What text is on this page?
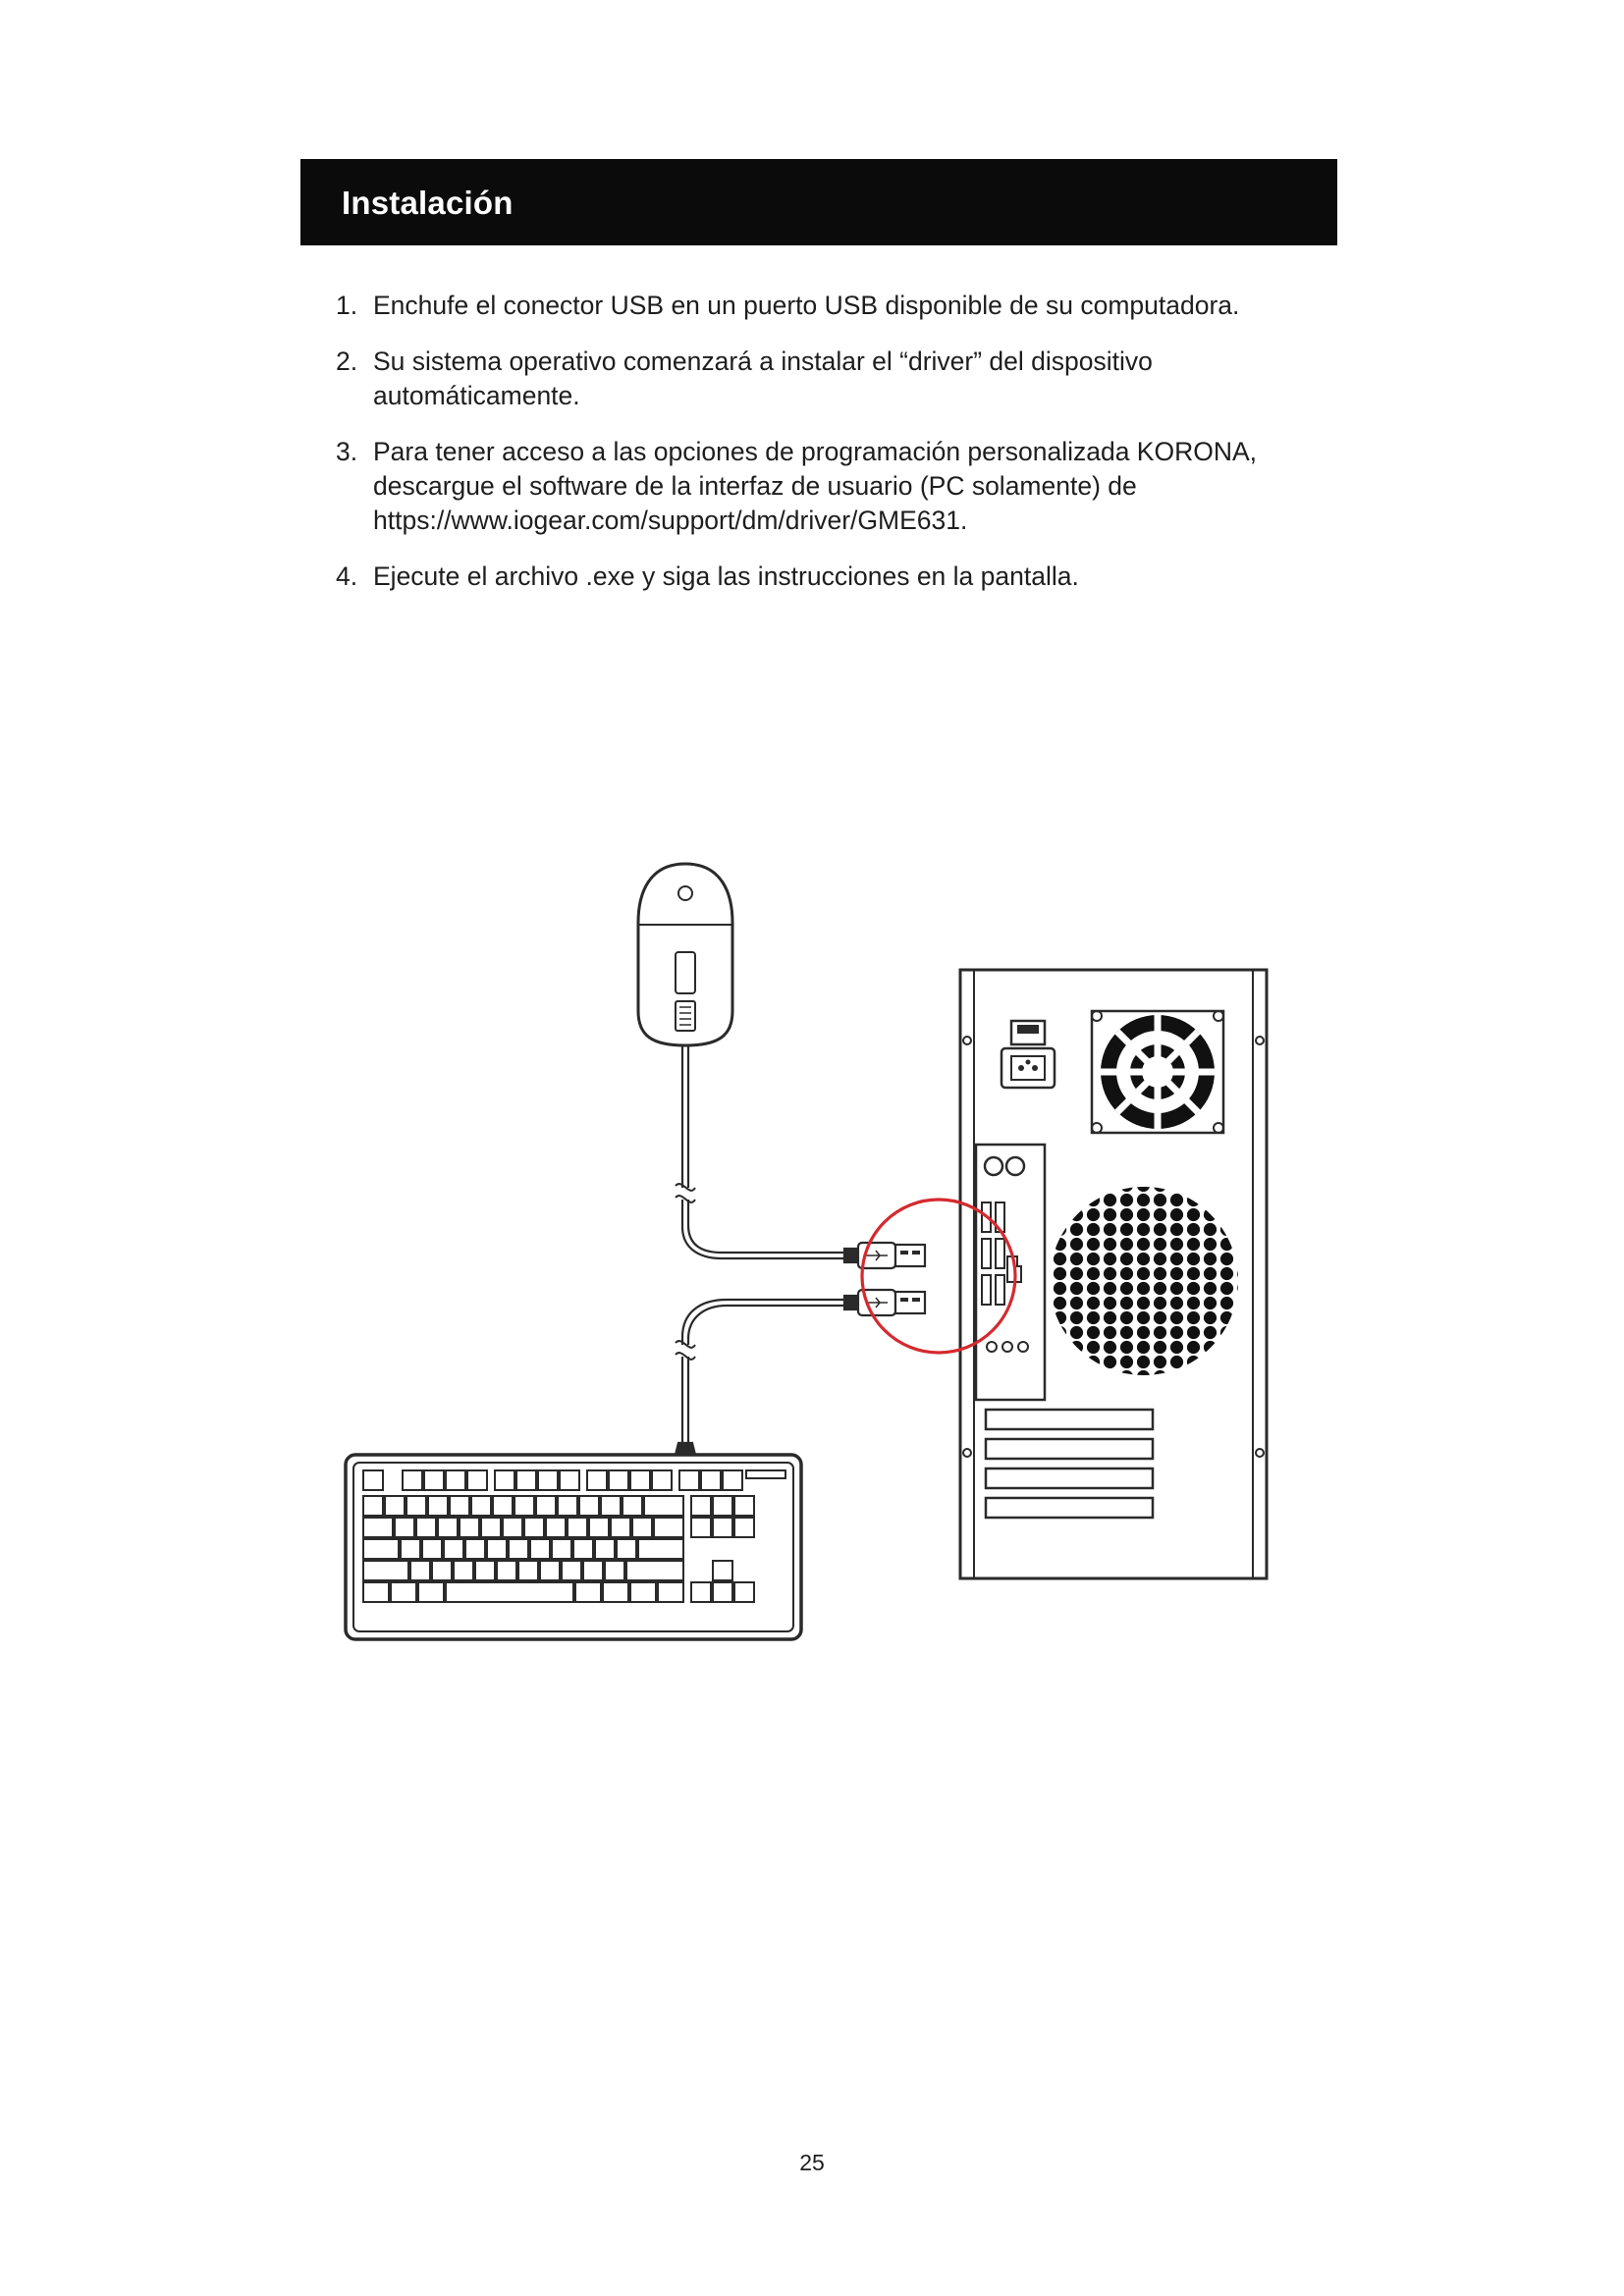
Instalación
1. Enchufe el conector USB en un puerto USB disponible de su computadora.
2. Su sistema operativo comenzará a instalar el “driver” del dispositivo automáticamente.
3. Para tener acceso a las opciones de programación personalizada KORONA, descargue el software de la interfaz de usuario (PC solamente) de https://www.iogear.com/support/dm/driver/GME631.
4. Ejecute el archivo .exe y siga las instrucciones en la pantalla.
25
